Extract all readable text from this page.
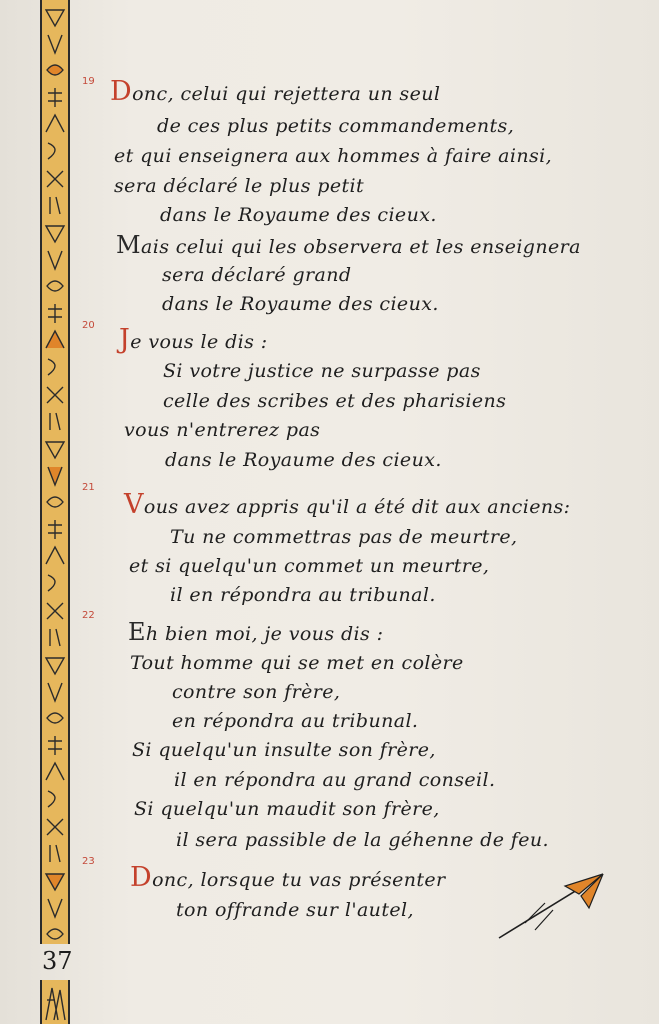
37
19 Donc, celui qui rejettera un seul
de ces plus petits commandements,
et qui enseignera aux hommes à faire ainsi,
sera déclaré le plus petit
dans le Royaume des cieux.
Mais celui qui les observera et les enseignera
sera déclaré grand
dans le Royaume des cieux.
20 Je vous le dis :
Si votre justice ne surpasse pas
celle des scribes et des pharisiens
vous n'entrerez pas
dans le Royaume des cieux.
21
Vous avez appris qu'il a été dit aux anciens:
Tu ne commettras pas de meurtre,
et si quelqu'un commet un meurtre,
il en répondra au tribunal.
22
Eh bien moi, je vous dis :
Tout homme qui se met en colère
contre son frère,
en répondra au tribunal.
Si quelqu'un insulte son frère,
il en répondra au grand conseil.
Si quelqu'un maudit son frère,
il sera passible de la géhenne de feu.
23
Donc, lorsque tu vas présenter
ton offrande sur l'autel,
